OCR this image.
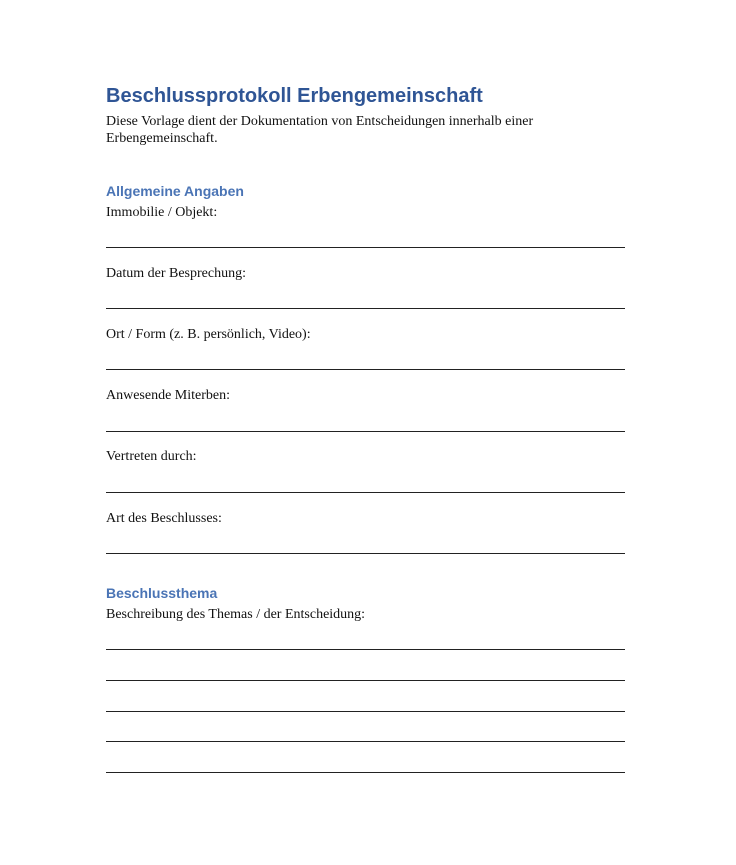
Beschlussprotokoll Erbengemeinschaft
Diese Vorlage dient der Dokumentation von Entscheidungen innerhalb einer Erbengemeinschaft.
Allgemeine Angaben
Immobilie / Objekt:
Datum der Besprechung:
Ort / Form (z. B. persönlich, Video):
Anwesende Miterben:
Vertreten durch:
Art des Beschlusses:
Beschlussthema
Beschreibung des Themas / der Entscheidung:
